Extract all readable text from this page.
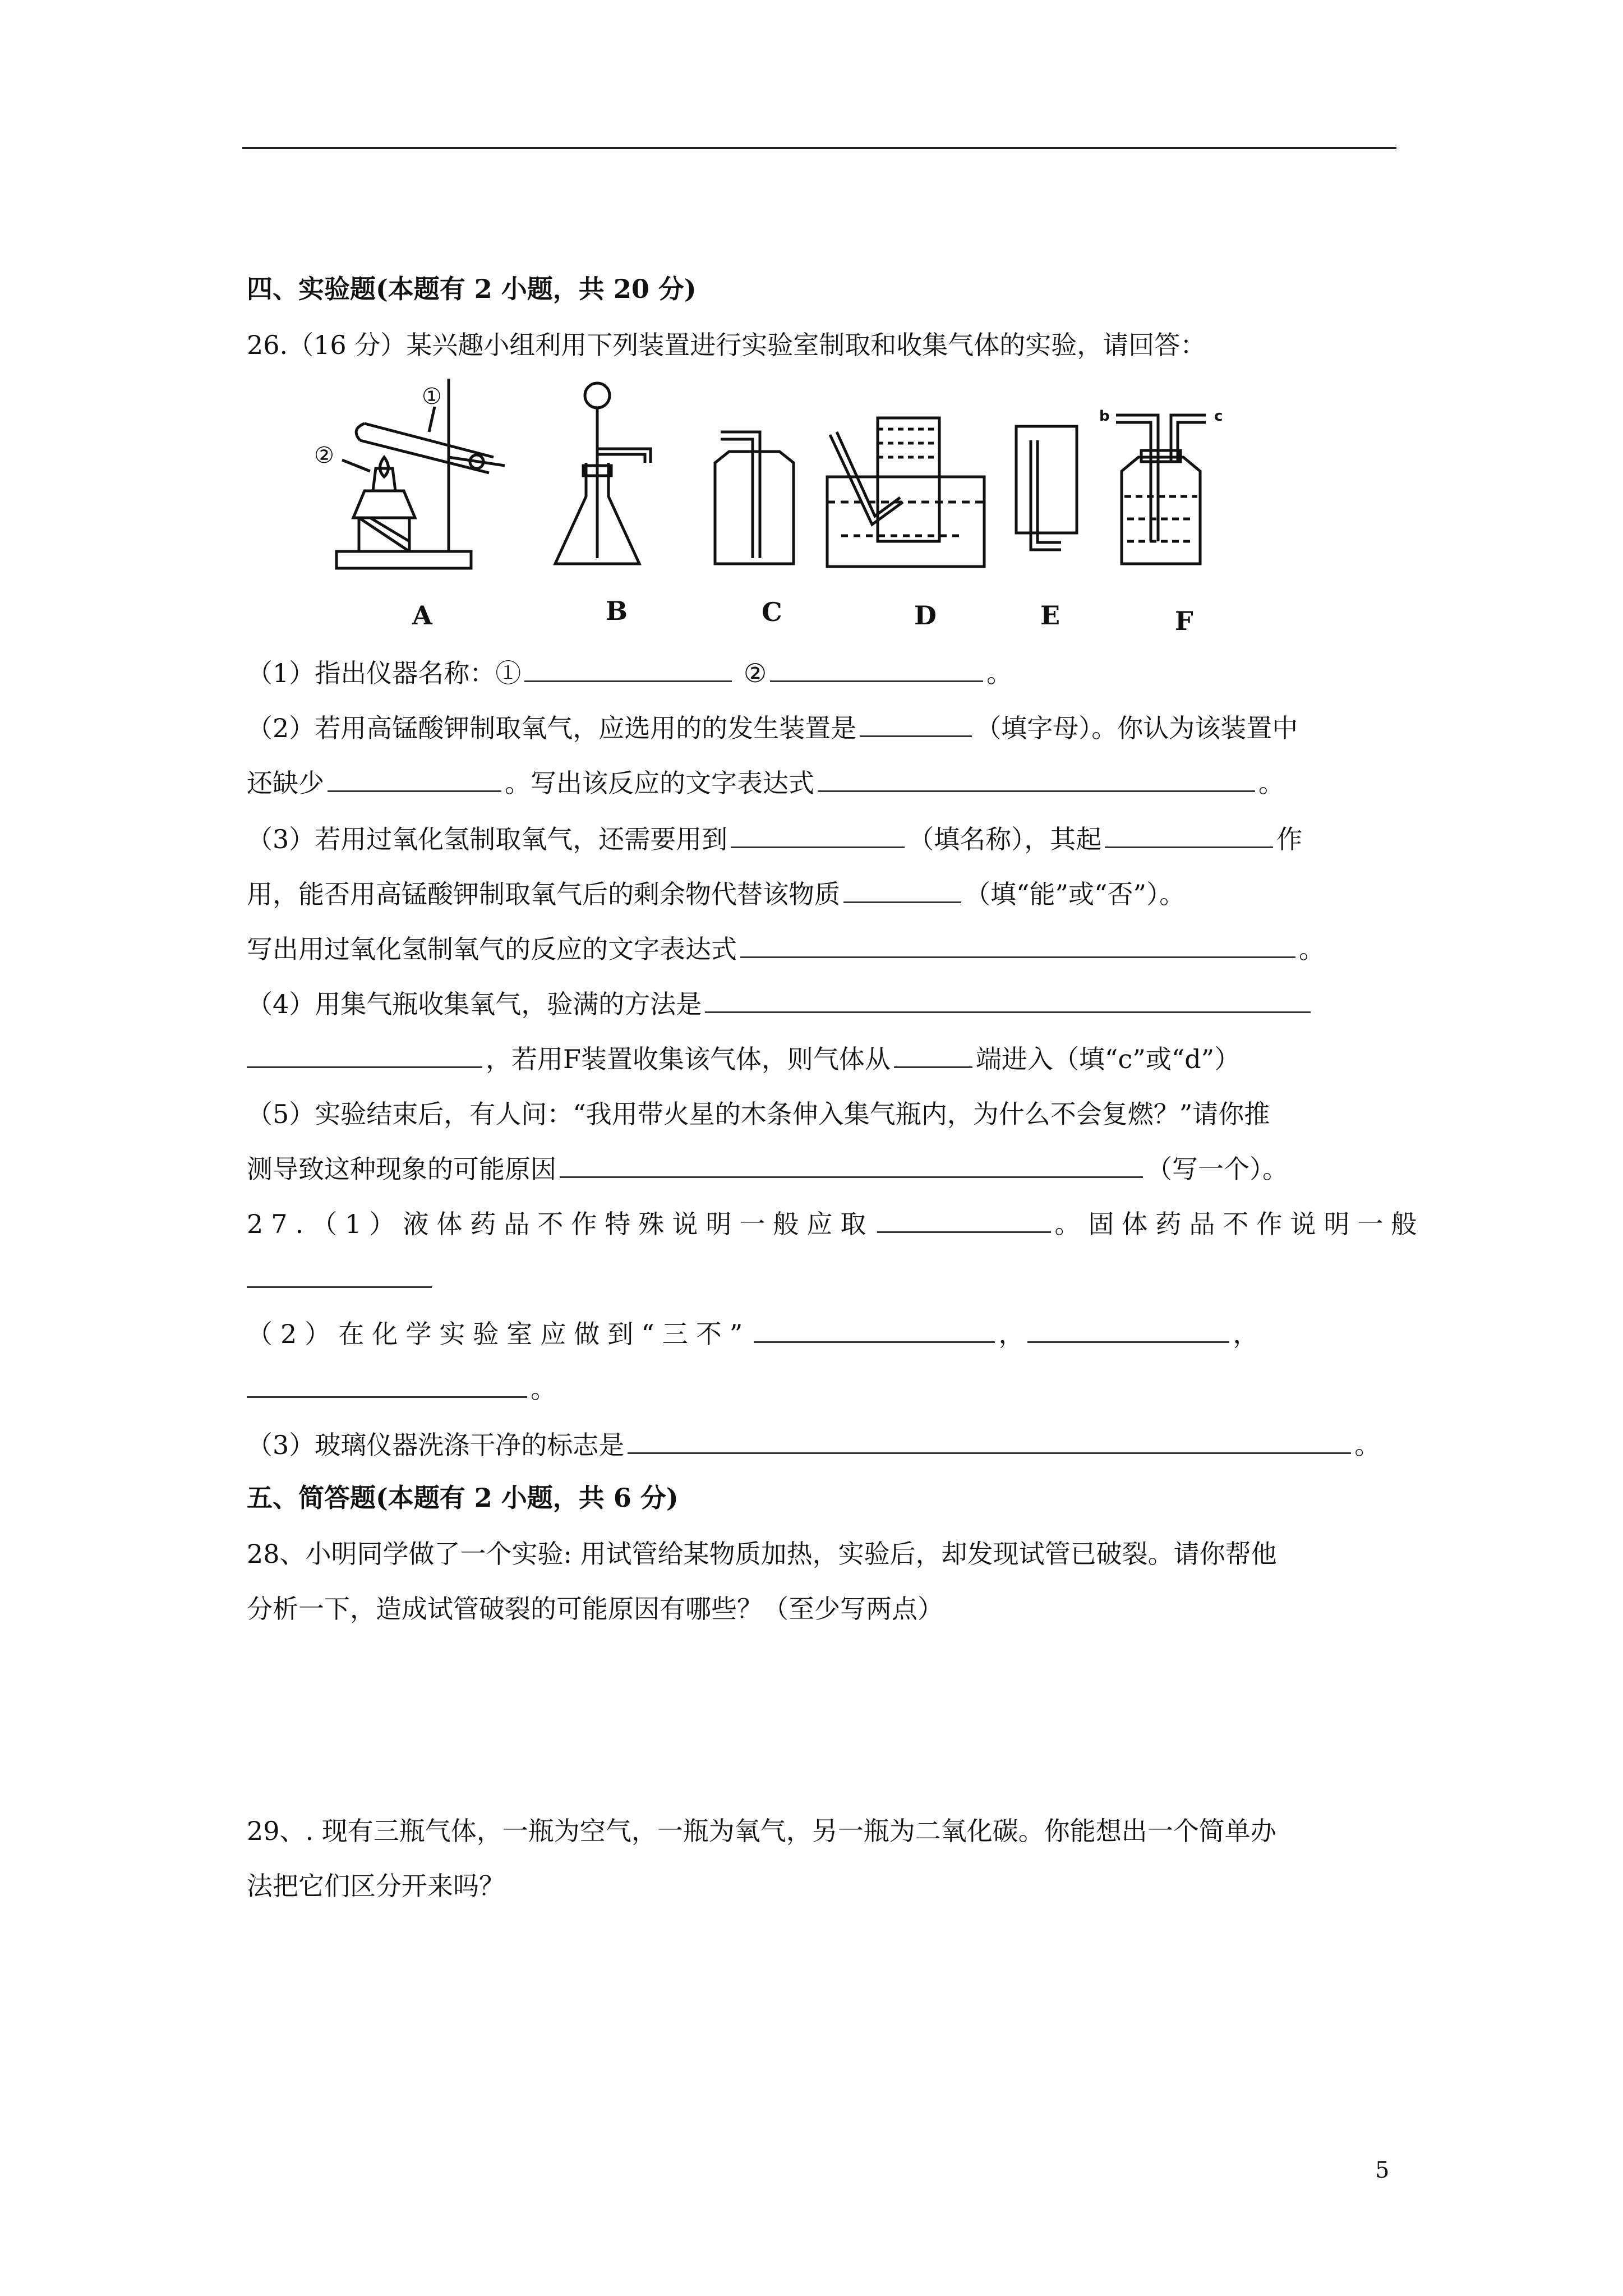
四、实验题(本题有 2 小题，共 20 分)
26.（16 分）某兴趣小组利用下列装置进行实验室制取和收集气体的实验，请回答：
①
②
b	c
A	B	C	D	E	F
（1）指出仪器名称：①	②	。
（2）若用高锰酸钾制取氧气，应选用的的发生装置是	（填字母）。你认为该装置中
还缺少	。写出该反应的文字表达式	。
（3）若用过氧化氢制取氧气，还需要用到	（填名称），其起	作
用，能否用高锰酸钾制取氧气后的剩余物代替该物质	（填“能”或“否”）。
写出用过氧化氢制氧气的反应的文字表达式	。
（4）用集气瓶收集氧气，验满的方法是
，若用F装置收集该气体，则气体从	端进入（填“c”或“d”）
（5）实验结束后，有人问：“我用带火星的木条伸入集气瓶内，为什么不会复燃？”请你推
测导致这种现象的可能原因	（写一个）。
27.（1）液体药品不作特殊说明一般应取	。固体药品不作说明一般
（2）在化学实验室应做到“三不”	，	，
。
（3）玻璃仪器洗涤干净的标志是	。
五、简答题(本题有 2 小题，共 6 分)
28、小明同学做了一个实验: 用试管给某物质加热，实验后，却发现试管已破裂。请你帮他
分析一下，造成试管破裂的可能原因有哪些？（至少写两点）
29、. 现有三瓶气体，一瓶为空气，一瓶为氧气，另一瓶为二氧化碳。你能想出一个简单办
法把它们区分开来吗？
5
